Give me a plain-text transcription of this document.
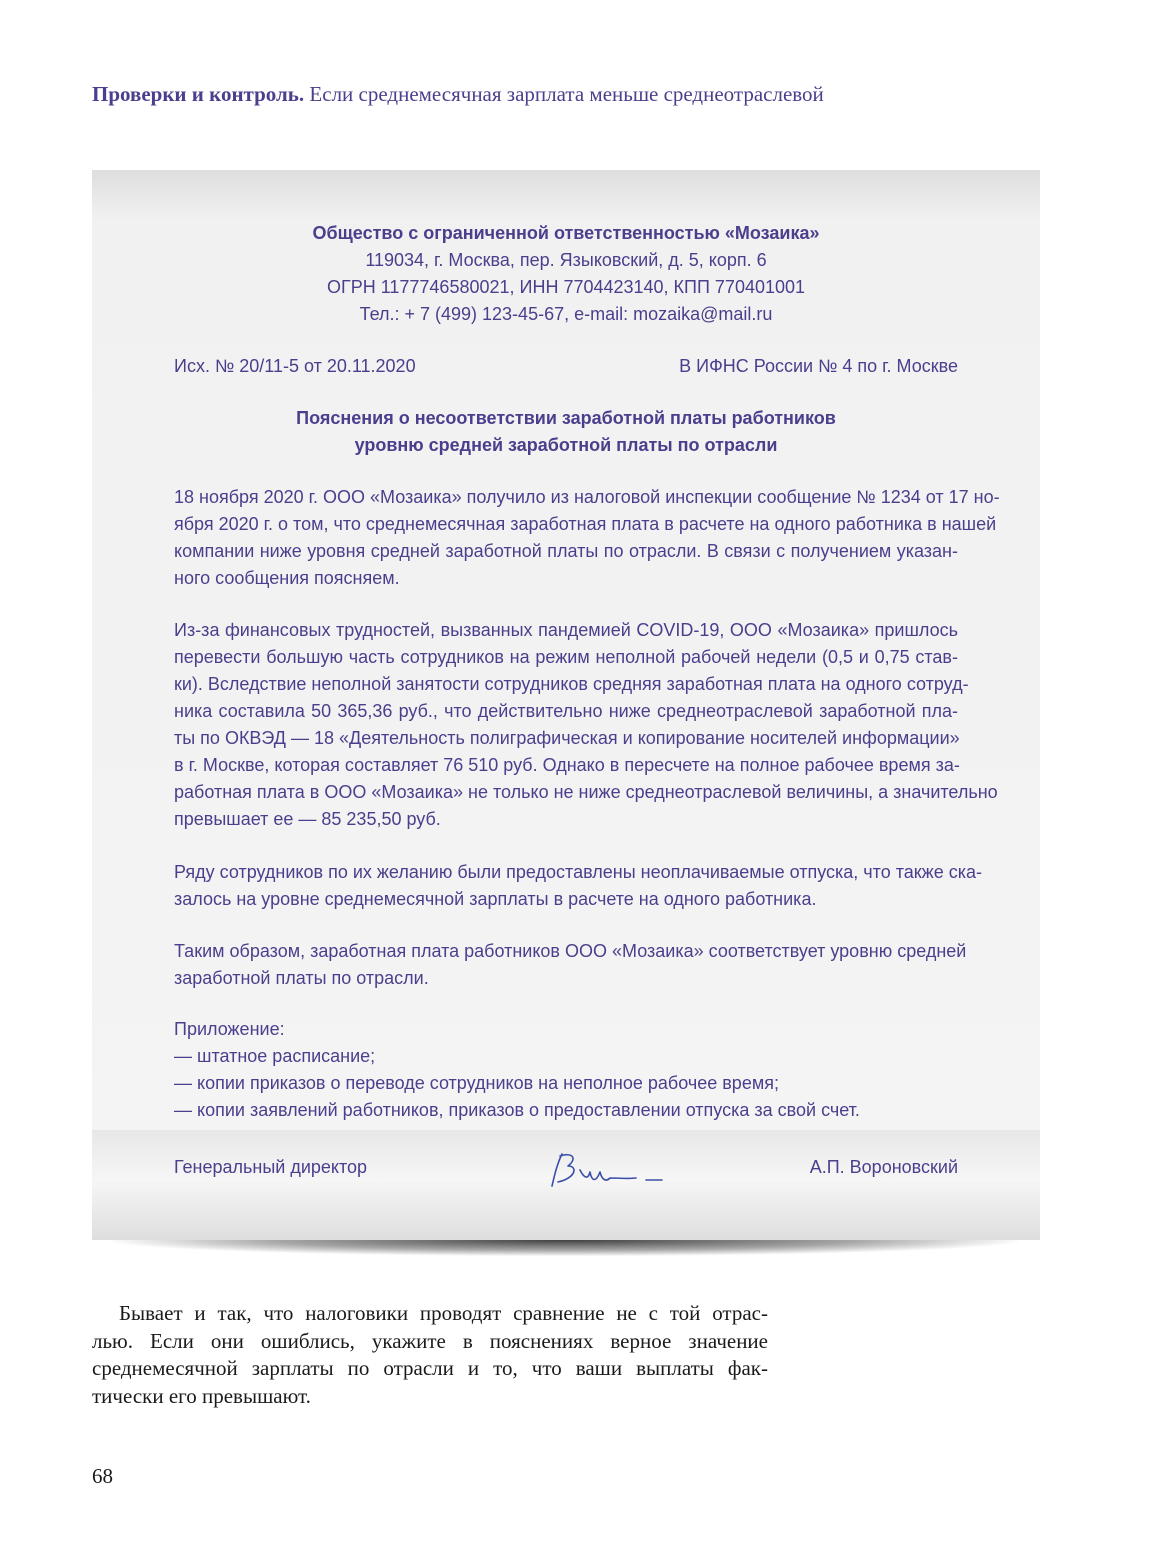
Проверки и контроль. Если среднемесячная зарплата меньше среднеотраслевой
Общество с ограниченной ответственностью «Мозаика»
119034, г. Москва, пер. Языковский, д. 5, корп. 6
ОГРН 1177746580021, ИНН 7704423140, КПП 770401001
Тел.: + 7 (499) 123-45-67, e-mail: mozaika@mail.ru
Исх. № 20/11-5 от 20.11.2020	В ИФНС России № 4 по г. Москве
Пояснения о несоответствии заработной платы работников
уровню средней заработной платы по отрасли
18 ноября 2020 г. ООО «Мозаика» получило из налоговой инспекции сообщение № 1234 от 17 но-
ября 2020 г. о том, что среднемесячная заработная плата в расчете на одного работника в нашей
компании ниже уровня средней заработной платы по отрасли. В связи с получением указан-
ного сообщения поясняем.
Из-за финансовых трудностей, вызванных пандемией COVID-19, ООО «Мозаика» пришлось
перевести большую часть сотрудников на режим неполной рабочей недели (0,5 и 0,75 став-
ки). Вследствие неполной занятости сотрудников средняя заработная плата на одного сотруд-
ника составила 50 365,36 руб., что действительно ниже среднеотраслевой заработной пла-
ты по ОКВЭД — 18 «Деятельность полиграфическая и копирование носителей информации»
в г. Москве, которая составляет 76 510 руб. Однако в пересчете на полное рабочее время за-
работная плата в ООО «Мозаика» не только не ниже среднеотраслевой величины, а значительно
превышает ее — 85 235,50 руб.
Ряду сотрудников по их желанию были предоставлены неоплачиваемые отпуска, что также ска-
залось на уровне среднемесячной зарплаты в расчете на одного работника.
Таким образом, заработная плата работников ООО «Мозаика» соответствует уровню средней
заработной платы по отрасли.
Приложение:
— штатное расписание;
— копии приказов о переводе сотрудников на неполное рабочее время;
— копии заявлений работников, приказов о предоставлении отпуска за свой счет.
Генеральный директор	А.П. Вороновский
Бывает и так, что налоговики проводят сравнение не с той отрас-
лью. Если они ошиблись, укажите в пояснениях верное значение
среднемесячной зарплаты по отрасли и то, что ваши выплаты фак-
тически его превышают.
68
